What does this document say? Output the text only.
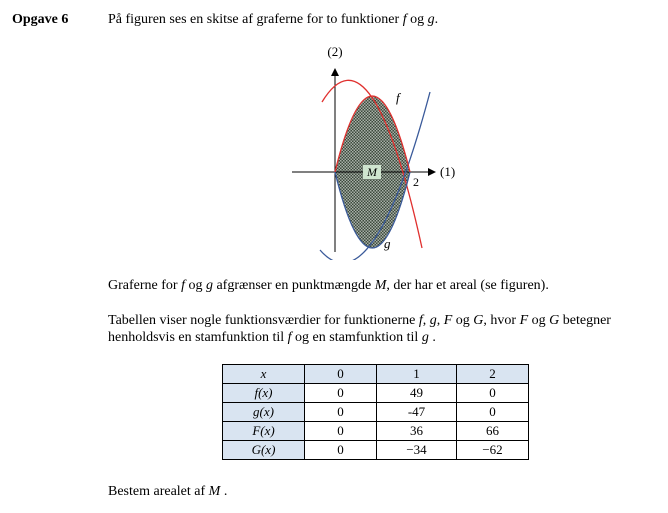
Opgave 6	På figuren ses en skitse af graferne for to funktioner f og g.
M
(2)
(1)
2
f
g
Graferne for f og g afgrænser en punktmængde M, der har et areal (se figuren).
Tabellen viser nogle funktionsværdier for funktionerne f, g, F og G, hvor F og G betegner
henholdsvis en stamfunktion til f og en stamfunktion til g .
x	0	1	2
f(x)	0	49	0
g(x)	0	-47	0
F(x)	0	36	66
G(x)	0	−34	−62
Bestem arealet af M .
